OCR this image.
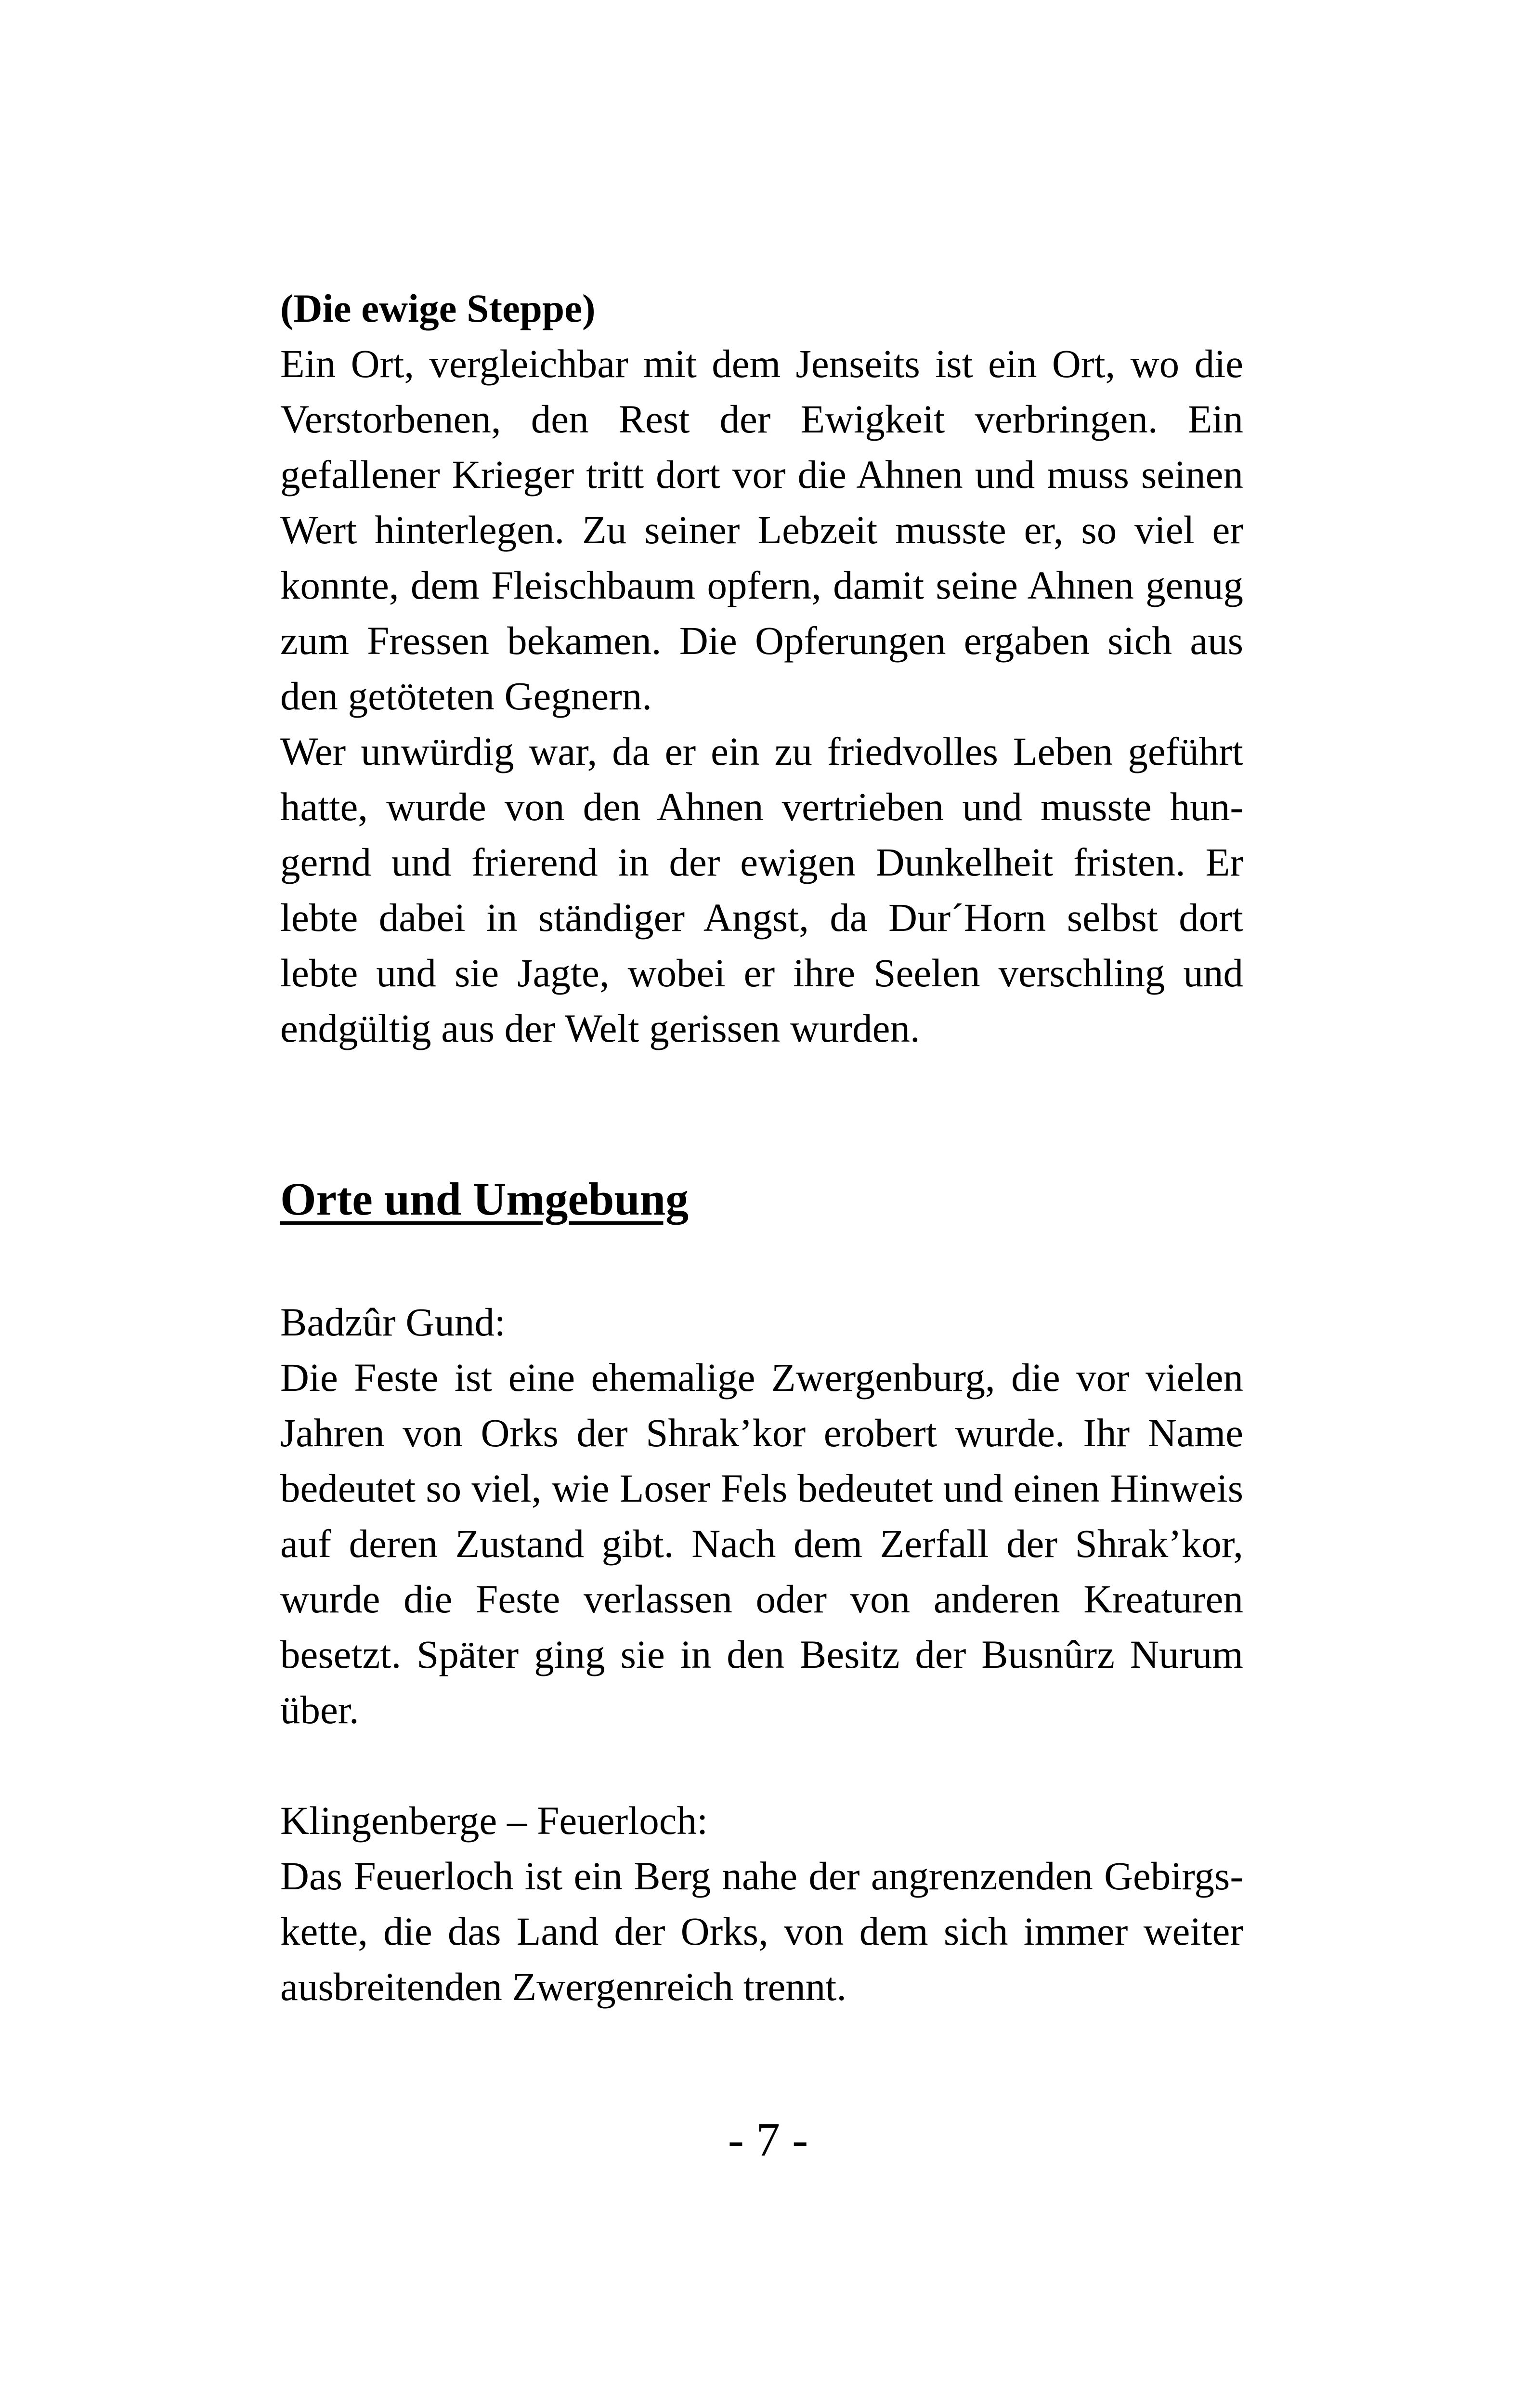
(Die ewige Steppe)
Ein Ort, vergleichbar mit dem Jenseits ist ein Ort, wo die
Verstorbenen, den Rest der Ewigkeit verbringen. Ein
gefallener Krieger tritt dort vor die Ahnen und muss seinen
Wert hinterlegen. Zu seiner Lebzeit musste er, so viel er
konnte, dem Fleischbaum opfern, damit seine Ahnen genug
zum Fressen bekamen. Die Opferungen ergaben sich aus
den getöteten Gegnern.
Wer unwürdig war, da er ein zu friedvolles Leben geführt
hatte, wurde von den Ahnen vertrieben und musste hun-
gernd und frierend in der ewigen Dunkelheit fristen. Er
lebte dabei in ständiger Angst, da Dur´Horn selbst dort
lebte und sie Jagte, wobei er ihre Seelen verschling und
endgültig aus der Welt gerissen wurden.
Orte und Umgebung
Badzûr Gund:
Die Feste ist eine ehemalige Zwergenburg, die vor vielen
Jahren von Orks der Shrak’kor erobert wurde. Ihr Name
bedeutet so viel, wie Loser Fels bedeutet und einen Hinweis
auf deren Zustand gibt. Nach dem Zerfall der Shrak’kor,
wurde die Feste verlassen oder von anderen Kreaturen
besetzt. Später ging sie in den Besitz der Busnûrz Nurum
über.
Klingenberge – Feuerloch:
Das Feuerloch ist ein Berg nahe der angrenzenden Gebirgs-
kette, die das Land der Orks, von dem sich immer weiter
ausbreitenden Zwergenreich trennt.
- 7 -
